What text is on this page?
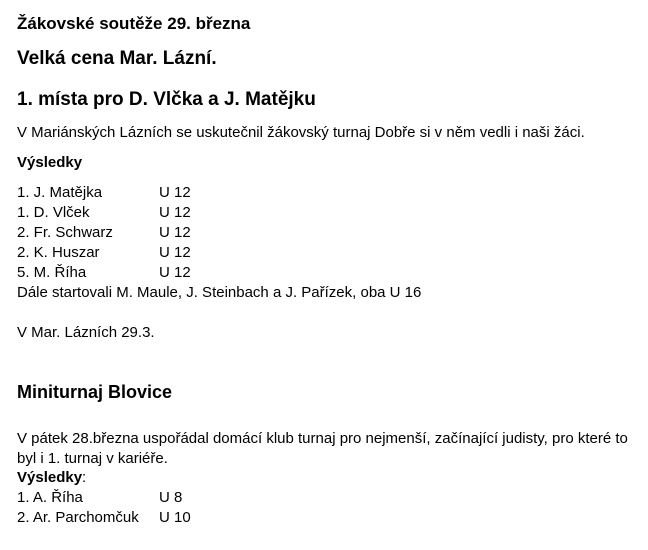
Žákovské soutěže 29. března
Velká cena Mar. Lázní.
1. místa pro D. Vlčka a J. Matějku
V Mariánských Lázních se uskutečnil žákovský turnaj Dobře si v něm vedli i naši žáci.
Výsledky
1. J. Matějka	U 12
1. D. Vlček	U 12
2. Fr. Schwarz	U 12
2. K. Huszar	U 12
5. M. Říha	U 12
Dále startovali M. Maule, J. Steinbach a J. Pařízek, oba U 16
V Mar. Lázních 29.3.
Miniturnaj Blovice
V pátek 28.března uspořádal domácí klub turnaj pro nejmenší, začínající judisty, pro které to byl i 1. turnaj v kariéře.
Výsledky:
1. A. Říha	U 8
2. Ar. Parchomčuk U 10
